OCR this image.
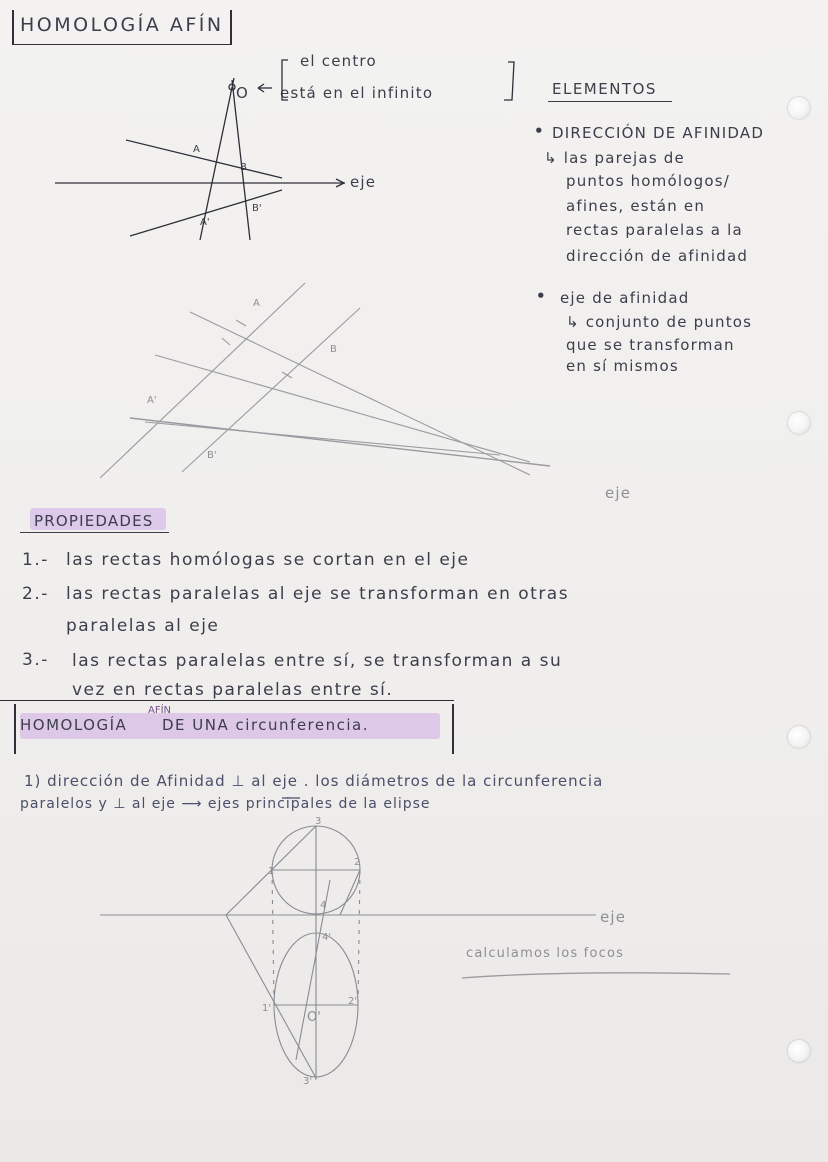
HOMOLOGÍA AFÍN
el centro
está en el infinito
O
eje
A
B
A'
B'
A
B
A'
B'
eje
ELEMENTOS
• DIRECCIÓN DE AFINIDAD
↳ las parejas de
puntos homólogos/
afines, están en
rectas paralelas a la
dirección de afinidad
• eje de afinidad
↳ conjunto de puntos
que se transforman
en sí mismos
PROPIEDADES
1.- las rectas homólogas se cortan en el eje
2.- las rectas paralelas al eje se transforman en otras
paralelas al eje
3.- las rectas paralelas entre sí, se transforman a su
vez en rectas paralelas entre sí.
HOMOLOGÍA
AFÍN
DE UNA circunferencia.
1) dirección de Afinidad ⊥ al eje . los diámetros de la circunferencia
paralelos y ⊥ al eje ⟶ ejes principales de la elipse
eje
calculamos los focos
3
1
2
4
4'
1'
2'
O'
3'
